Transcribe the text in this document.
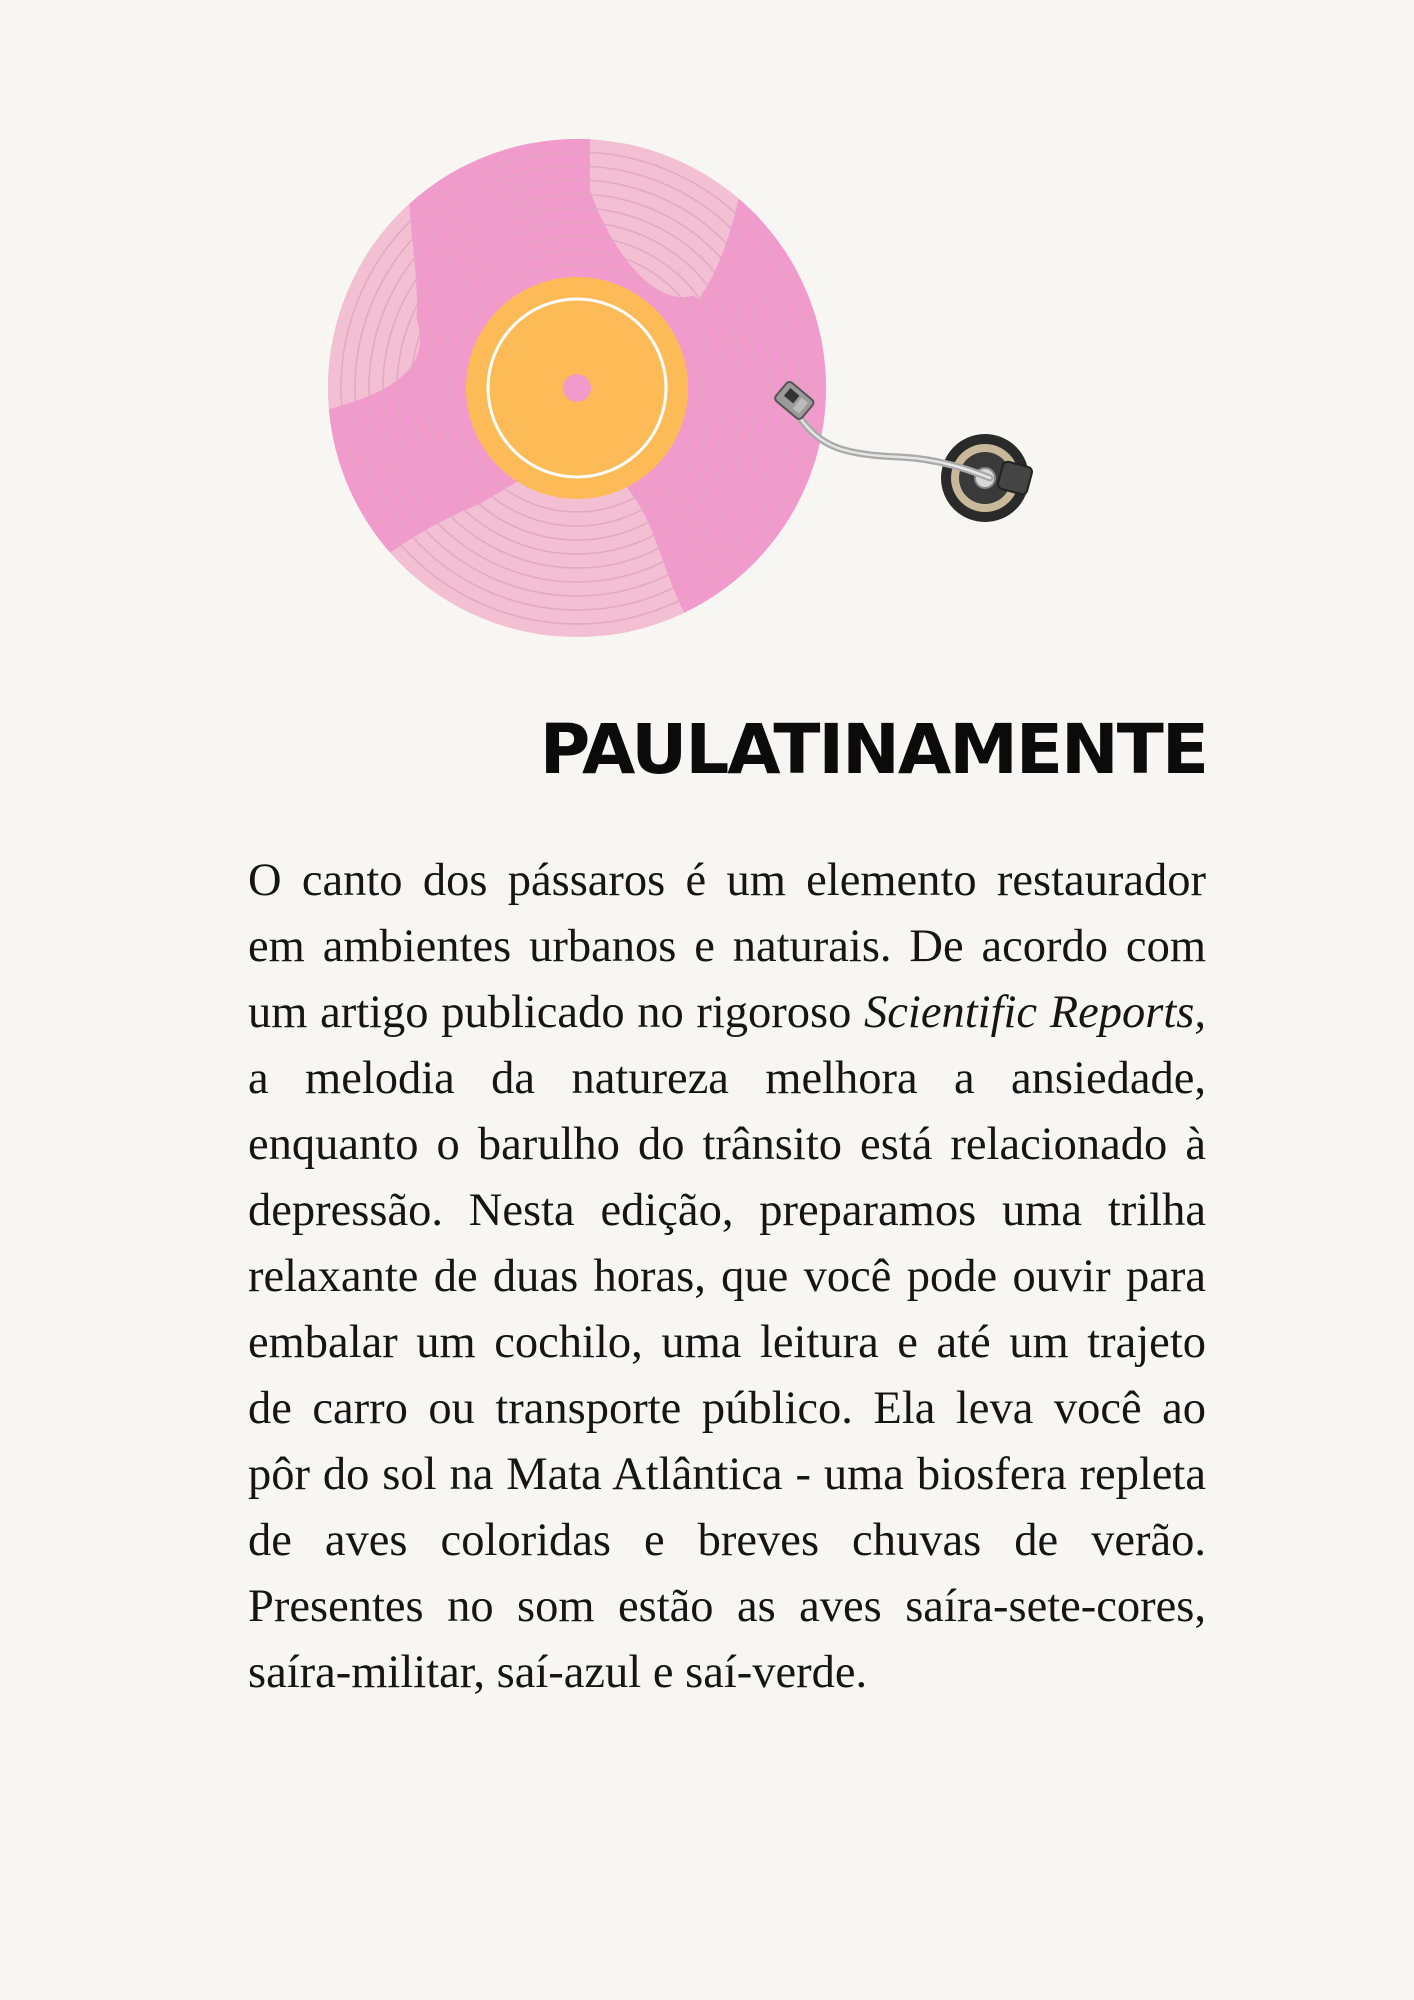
PAULATINAMENTE

O canto dos pássaros é um elemento restaurador em ambientes urbanos e naturais. De acordo com um artigo publicado no rigoroso Scientific Reports, a melodia da natureza melhora a ansiedade, enquanto o barulho do trânsito está relacionado à depressão. Nesta edição, preparamos uma trilha relaxante de duas horas, que você pode ouvir para embalar um cochilo, uma leitura e até um trajeto de carro ou transporte público. Ela leva você ao pôr do sol na Mata Atlântica - uma biosfera repleta de aves coloridas e breves chuvas de verão. Presentes no som estão as aves saíra-sete-cores, saíra-militar, saí-azul e saí-verde.
